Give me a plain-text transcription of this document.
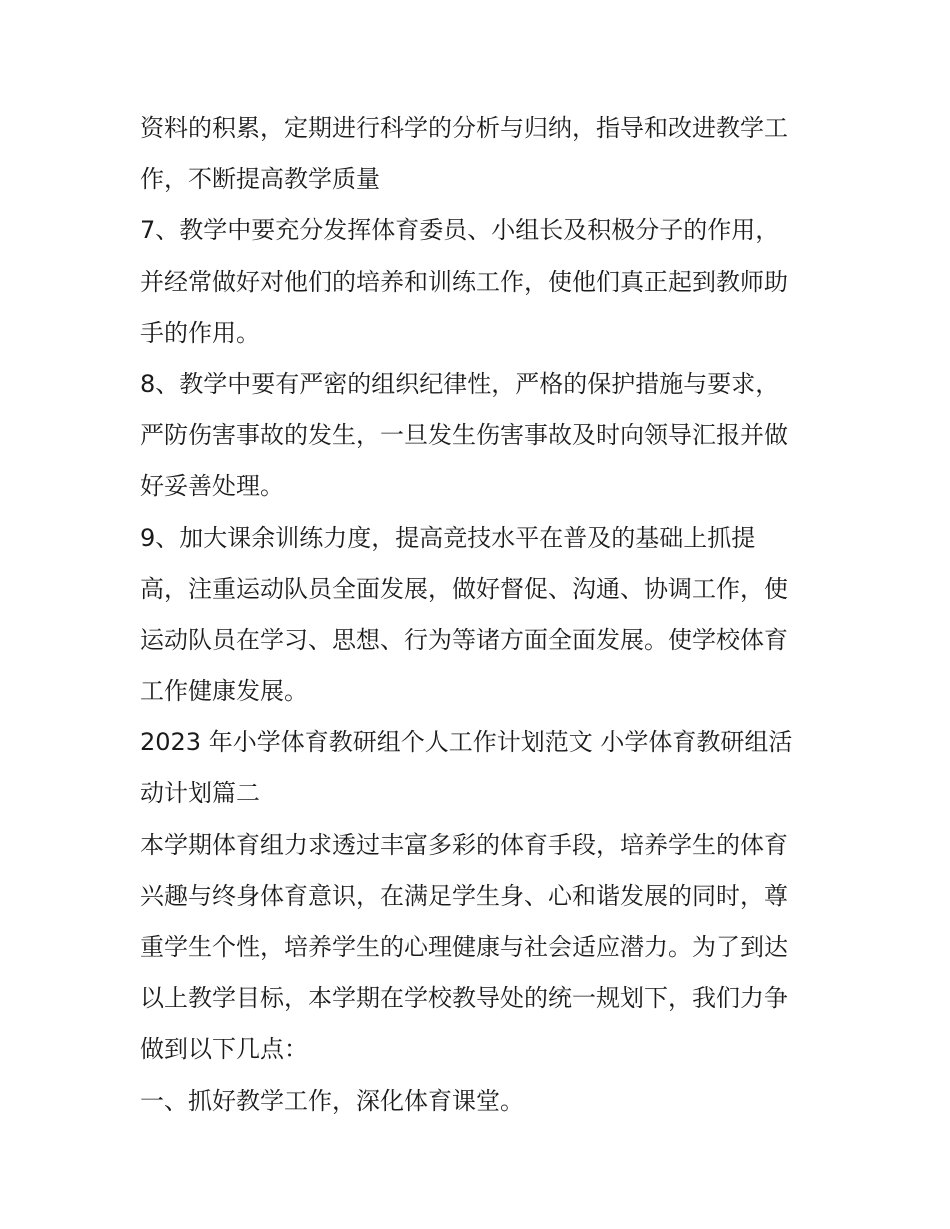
资料的积累，定期进行科学的分析与归纳，指导和改进教学工
作，不断提高教学质量
7、教学中要充分发挥体育委员、小组长及积极分子的作用，
并经常做好对他们的培养和训练工作，使他们真正起到教师助
手的作用。
8、教学中要有严密的组织纪律性，严格的保护措施与要求，
严防伤害事故的发生，一旦发生伤害事故及时向领导汇报并做
好妥善处理。
9、加大课余训练力度，提高竞技水平在普及的基础上抓提
高，注重运动队员全面发展，做好督促、沟通、协调工作，使
运动队员在学习、思想、行为等诸方面全面发展。使学校体育
工作健康发展。
2023 年小学体育教研组个人工作计划范文 小学体育教研组活
动计划篇二
本学期体育组力求透过丰富多彩的体育手段，培养学生的体育
兴趣与终身体育意识，在满足学生身、心和谐发展的同时，尊
重学生个性，培养学生的心理健康与社会适应潜力。为了到达
以上教学目标，本学期在学校教导处的统一规划下，我们力争
做到以下几点：
一、抓好教学工作，深化体育课堂。
